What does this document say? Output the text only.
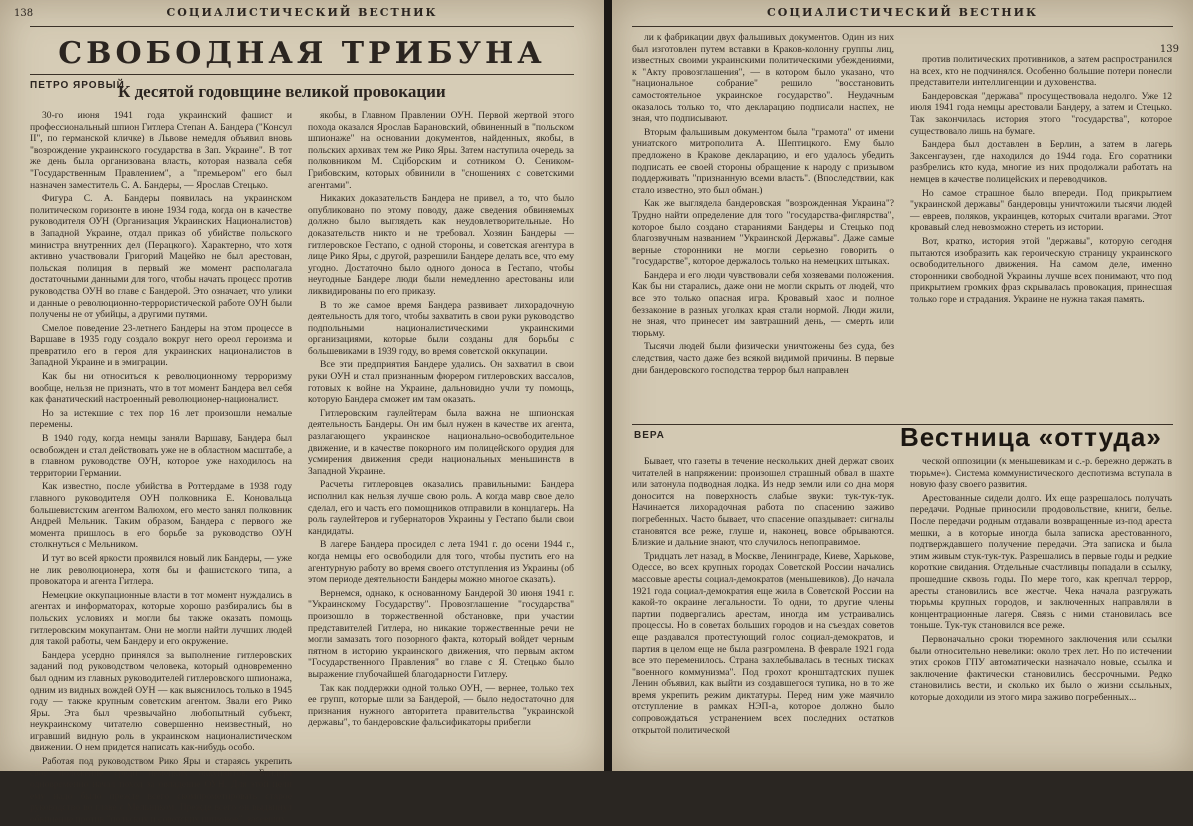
138	СОЦИАЛИСТИЧЕСКИЙ ВЕСТНИК
СВОБОДНАЯ ТРИБУНА
ПЕТРО ЯРОВЫЙ
К десятой годовщине великой провокации

30-го июня 1941 года украинский фашист и профессиональный шпион Гитлера Степан А. Бандера ("Консул II", по германской кличке) в Львове немедля объявил вновь "возрождение украинского государства в Зап. Украине". В тот же день была организована власть, которая назвала себя "Государственным Правлением", а "премьером" его был назначен заместитель С. А. Бандеры, — Ярослав Стецько.

Фигура С. А. Бандеры появилась на украинском политическом горизонте в июне 1934 года, когда он в качестве руководителя ОУН (Организация Украинских Националистов) в Западной Украине, отдал приказ об убийстве польского министра внутренних дел (Перацкого). Характерно, что хотя активно участвовали Григорий Мацейко не был арестован, польская полиция в первый же момент располагала достаточными данными для того, чтобы начать процесс против руководства ОУН во главе с Бандерой. Это означает, что улики и данные о революционно-террористической работе ОУН были получены не от убийцы, а другими путями.

Смелое поведение 23-летнего Бандеры на этом процессе в Варшаве в 1935 году создало вокруг него ореол героизма и превратило его в героя для украинских националистов в Западной Украине и в эмиграции.

Как бы ни относиться к революционному терроризму вообще, нельзя не признать, что в тот момент Бандера вел себя как фанатический настроенный революционер-националист.

Но за истекшие с тех пор 16 лет произошли немалые перемены.

В 1940 году, когда немцы заняли Варшаву, Бандера был освобожден и стал действовать уже не в областном масштабе, а в главном руководстве ОУН, которое уже находилось на территории Германии.

Как известно, после убийства в Роттердаме в 1938 году главного руководителя ОУН полковника Е. Коновальца большевистским агентом Валюхом, его место занял полковник Андрей Мельник. Таким образом, Бандера с первого же момента пришлось в его борьбе за руководство ОУН столкнуться с Мельником.

И тут во всей яркости проявился новый лик Бандеры, — уже не лик революционера, хотя бы и фашистского типа, а провокатора и агента Гитлера.

Немецкие оккупационные власти в тот момент нуждались в агентах и информаторах, которые хорошо разбирались бы в польских условиях и могли бы также оказать помощь гитлеровским мокупантам. Они не могли найти лучших людей для такой работы, чем Бандеру и его окружение.

Бандера усердно принялся за выполнение гитлеровских заданий под руководством человека, который одновременно был одним из главных руководителей гитлеровского шпионажа, одним из видных вождей ОУН — как выяснилось только в 1945 году — также крупным советским агентом. Звали его Рико Яры. Эта был чрезвычайно любопытный субъект, неукраинскому читателю совершенно неизвестный, но игравший видную роль в украинском националистическом движении. О нем придется написать как-нибудь особо.

Работая под руководством Рико Яры и стараясь укрепить свое положение среди немецких оккупантов, Бандера одновременно начал поход за овладение ОУН. Для этой цели ему надо было прежде всего скомпрометировать старое руководство во главе с Мельником. Прежде всего он выдвинул обвинение против "польских и советских шпионов", засевших,

якобы, в Главном Правлении ОУН. Первой жертвой этого похода оказался Ярослав Барановский, обвиненный в "польском шпионаже" на основании документов, найденных, якобы, в польских архивах тем же Рико Яры. Затем наступила очередь за полковником М. Сціборским и сотником О. Сеником-Грибовским, которых обвинили в "сношениях с советскими агентами".

Никаких доказательств Бандера не привел, а то, что было опубликовано по этому поводу, даже сведения обвиняемых должно было выглядеть как неудовлетворительные. Но доказательств никто и не требовал. Хозяин Бандеры — гитлеровское Гестапо, с одной стороны, и советская агентура в лице Рико Яры, с другой, разрешили Бандере делать все, что ему угодно. Достаточно было одного доноса в Гестапо, чтобы неугодные Бандере люди были немедленно арестованы или ликвидированы по его приказу.

В то же самое время Бандера развивает лихорадочную деятельность для того, чтобы захватить в свои руки руководство подпольными националистическими украинскими организациями, которые были созданы для борьбы с большевиками в 1939 году, во время советской оккупации.

Все эти предприятия Бандере удались. Он захватил в свои руки ОУН и стал признанным фюрером гитлеровских вассалов, готовых к войне на Украине, дальновидно учли ту помощь, которую Бандера сможет им там оказать.

Гитлеровским гаулейтерам была важна не шпионская деятельность Бандеры. Он им был нужен в качестве их агента, разлагающего украинское национально-освободительное движение, и в качестве покорного им полицейского орудия для усмирения движения среди национальных меньшинств в Западной Украине.

Расчеты гитлеровцев оказались правильными: Бандера исполнил как нельзя лучше свою роль. А когда мавр свое дело сделал, его и часть его помощников отправили в концлагерь. На роль гаулейтеров и губернаторов Украины у Гестапо были свои кандидаты.

В лагере Бандера просидел с лета 1941 г. до осени 1944 г., когда немцы его освободили для того, чтобы пустить его на агентурную работу во время своего отступления из Украины (об этом периоде деятельности Бандеры можно многое сказать).

Вернемся, однако, к основанному Бандерой 30 июня 1941 г. "Украинскому Государству". Провозглашение "государства" произошло в торжественной обстановке, при участии представителей Гитлера, но никакие торжественные речи не могли замазать того позорного факта, который войдет черным пятном в историю украинского движения, что первым актом "Государственного Правления" во главе с Я. Стецько было выражение глубочайшей благодарности Гитлеру.

Так как поддержки одной только ОУН, — вернее, только тех ее групп, которые шли за Бандерой, — было недостаточно для признания нужного авторитета правительства "украинской державы", то бандеровские фальсификаторы прибегли

СОЦИАЛИСТИЧЕСКИЙ ВЕСТНИК
139

ли к фабрикации двух фальшивых документов. Один из них был изготовлен путем вставки в Краков-колонну группы лиц, известных своими украинскими политическими убеждениями, к "Акту провозглашения", — в котором было указано, что "национальное собрание" решило "восстановить самостоятельное украинское государство". Неудачным оказалось только то, что декларацию подписали наспех, не зная, что подписывают.

Вторым фальшивым документом была "грамота" от имени униатского митрополита А. Шептицкого. Ему было предложено в Кракове декларацию, и его удалось убедить подписать ее своей стороны обращение к народу с призывом поддерживать "признанную всеми власть". (Впоследствии, как стало известно, это был обман.)

Как же выглядела бандеровская "возрожденная Украина"? Трудно найти определение для того "государства-фиглярства", которое было создано стараниями Бандеры и Стецько под благозвучным названием "Украинской Державы". Даже самые верные сторонники не могли серьезно говорить о "государстве", которое держалось только на немецких штыках.

Бандера и его люди чувствовали себя хозяевами положения. Как бы ни старались, даже они не могли скрыть от людей, что все это только опасная игра. Кровавый хаос и полное беззаконие в разных уголках края стали нормой. Люди жили, не зная, что принесет им завтрашний день, — смерть или тюрьму.

Тысячи людей были физически уничтожены без суда, без следствия, часто даже без всякой видимой причины. В первые дни бандеровского господства террор был направлен

против политических противников, а затем распространился на всех, кто не подчинялся. Особенно большие потери понесли представители интеллигенции и духовенства.

Бандеровская "держава" просуществовала недолго. Уже 12 июля 1941 года немцы арестовали Бандеру, а затем и Стецько. Так закончилась история этого "государства", которое существовало лишь на бумаге.

Бандера был доставлен в Берлин, а затем в лагерь Заксенгаузен, где находился до 1944 года. Его соратники разбрелись кто куда, многие из них продолжали работать на немцев в качестве полицейских и переводчиков.

Но самое страшное было впереди. Под прикрытием "украинской державы" бандеровцы уничтожили тысячи людей — евреев, поляков, украинцев, которых считали врагами. Этот кровавый след невозможно стереть из истории.

Вот, кратко, история этой "державы", которую сегодня пытаются изобразить как героическую страницу украинского освободительного движения. На самом деле, именно сторонники свободной Украины лучше всех понимают, что под прикрытием громких фраз скрывалась провокация, принесшая только горе и страдания. Украине не нужна такая память.

ВЕРА	Вестница «оттуда»

Бывает, что газеты в течение нескольких дней держат своих читателей в напряжении: произошел страшный обвал в шахте или затонула подводная лодка. Из недр земли или со дна моря доносится на поверхность слабые звуки: тук-тук-тук. Начинается лихорадочная работа по спасению заживо погребенных. Часто бывает, что спасение опаздывает: сигналы становятся все реже, глуше и, наконец, вовсе обрываются. Близкие и дальние знают, что случилось непоправимое.

Тридцать лет назад, в Москве, Ленинграде, Киеве, Харькове, Одессе, во всех крупных городах Советской России начались массовые аресты социал-демократов (меньшевиков). До начала 1921 года социал-демократия еще жила в Советской России на какой-то окраине легальности. То одни, то другие члены партии подвергались арестам, иногда им устраивались процессы. Но в советах больших городов и на съездах советов еще раздавался протестующий голос социал-демократов, и партия в целом еще не была разгромлена. В феврале 1921 года все это переменилось. Страна захлебывалась в тесных тисках "военного коммунизма". Под грохот кронштадтских пушек Ленин объявил, как выйти из создавшегося тупика, но в то же время укрепить режим диктатуры. Перед ним уже маячило отступление в рамках НЭП-а, которое должно было сопровождаться устранением всех последних остатков открытой политической

ческой оппозиции (к меньшевикам и с.-р. бережно держать в тюрьме«). Система коммунистического деспотизма вступала в новую фазу своего развития.

Арестованные сидели долго. Их еще разрешалось получать передачи. Родные приносили продовольствие, книги, белье. После передачи родным отдавали возвращенные из-под ареста мешки, а в которые иногда была записка арестованного, подтверждавшего получение передачи. Эта записка и была этим живым стук-тук-тук. Разрешались в первые годы и редкие короткие свидания. Отдельные счастливцы попадали в ссылку, прошедшие сквозь годы. По мере того, как крепчал террор, аресты становились все жестче. Чека начала разгружать тюрьмы крупных городов, и заключенных направляли в концентрационные лагеря. Связь с ними становилась все тоньше. Тук-тук становился все реже.

Первоначально сроки тюремного заключения или ссылки были относительно невелики: около трех лет. Но по истечении этих сроков ГПУ автоматически назначало новые, ссылка и заключение фактически становились бессрочными. Редко становились вести, и сколько их было о жизни ссыльных, которые доходили из этого мира заживо погребенных...
